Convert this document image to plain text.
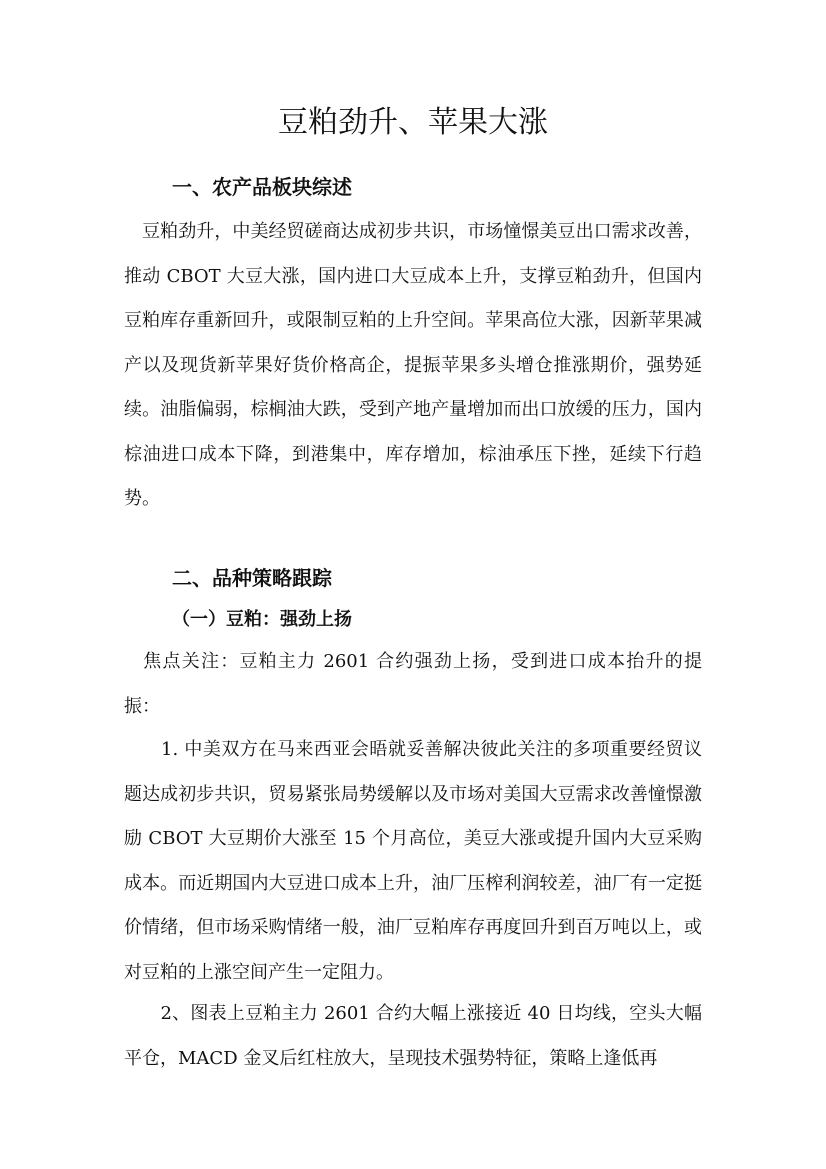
豆粕劲升、苹果大涨
一、农产品板块综述

　豆粕劲升，中美经贸磋商达成初步共识，市场憧憬美豆出口需求改善，推动 CBOT 大豆大涨，国内进口大豆成本上升，支撑豆粕劲升，但国内豆粕库存重新回升，或限制豆粕的上升空间。苹果高位大涨，因新苹果减产以及现货新苹果好货价格高企，提振苹果多头增仓推涨期价，强势延续。油脂偏弱，棕榈油大跌，受到产地产量增加而出口放缓的压力，国内棕油进口成本下降，到港集中，库存增加，棕油承压下挫，延续下行趋势。

二、品种策略跟踪
（一）豆粕：强劲上扬

　焦点关注：豆粕主力 2601 合约强劲上扬，受到进口成本抬升的提振：

　　1. 中美双方在马来西亚会晤就妥善解决彼此关注的多项重要经贸议题达成初步共识，贸易紧张局势缓解以及市场对美国大豆需求改善憧憬激励 CBOT 大豆期价大涨至 15 个月高位，美豆大涨或提升国内大豆采购成本。而近期国内大豆进口成本上升，油厂压榨利润较差，油厂有一定挺价情绪，但市场采购情绪一般，油厂豆粕库存再度回升到百万吨以上，或对豆粕的上涨空间产生一定阻力。

　　2、图表上豆粕主力 2601 合约大幅上涨接近 40 日均线，空头大幅平仓，MACD 金叉后红柱放大，呈现技术强势特征，策略上逢低再
